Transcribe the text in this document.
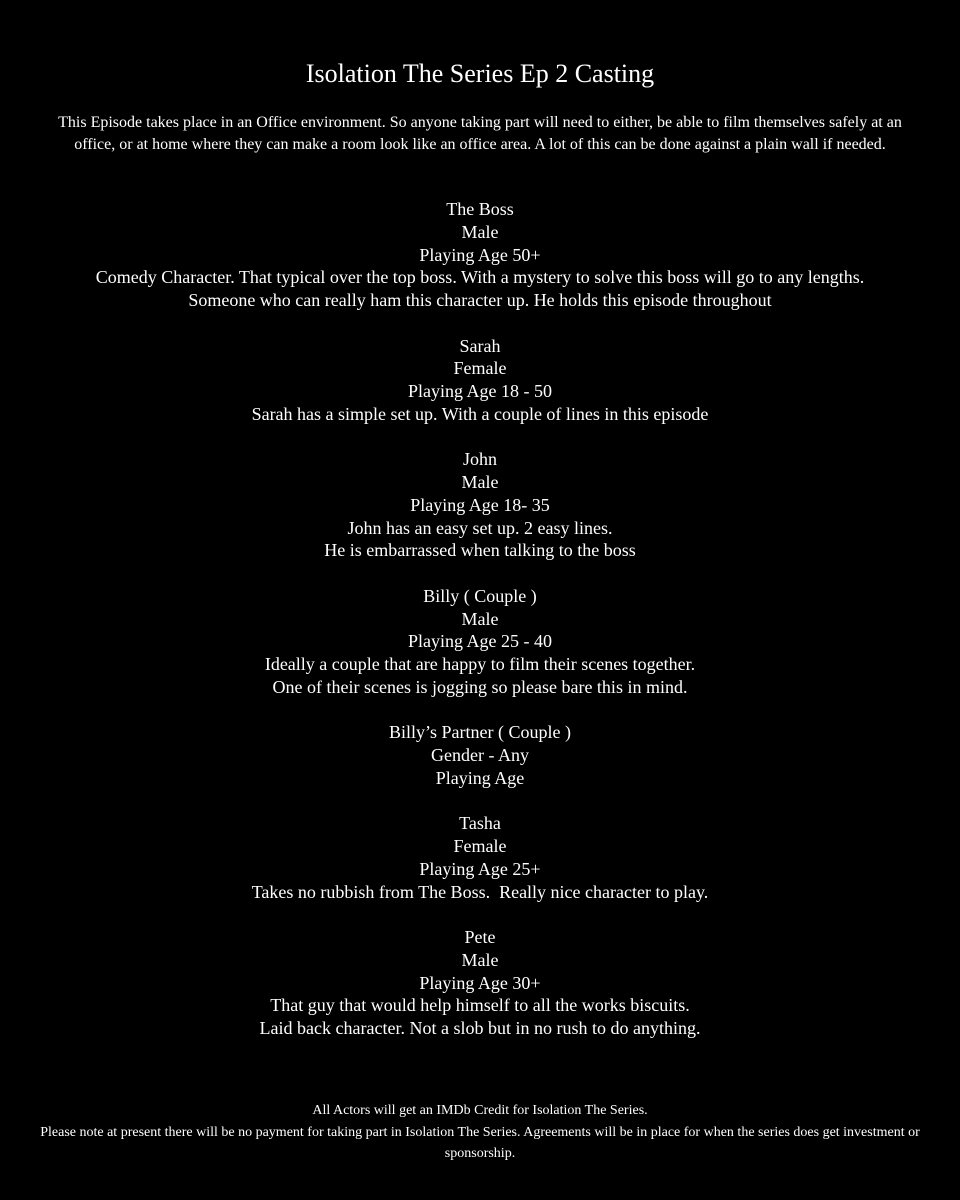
Isolation The Series Ep 2 Casting

This Episode takes place in an Office environment. So anyone taking part will need to either, be able to film themselves safely at an office, or at home where they can make a room look like an office area. A lot of this can be done against a plain wall if needed.

The Boss
Male
Playing Age 50+
Comedy Character. That typical over the top boss. With a mystery to solve this boss will go to any lengths.
Someone who can really ham this character up. He holds this episode throughout
Sarah
Female
Playing Age 18 - 50
Sarah has a simple set up. With a couple of lines in this episode
John
Male
Playing Age 18- 35
John has an easy set up. 2 easy lines.
He is embarrassed when talking to the boss
Billy ( Couple )
Male
Playing Age 25 - 40
Ideally a couple that are happy to film their scenes together.
One of their scenes is jogging so please bare this in mind.
Billy’s Partner ( Couple )
Gender - Any
Playing Age
Tasha
Female
Playing Age 25+
Takes no rubbish from The Boss.  Really nice character to play.
Pete
Male
Playing Age 30+
That guy that would help himself to all the works biscuits.
Laid back character. Not a slob but in no rush to do anything.
All Actors will get an IMDb Credit for Isolation The Series.
Please note at present there will be no payment for taking part in Isolation The Series. Agreements will be in place for when the series does get investment or sponsorship.
